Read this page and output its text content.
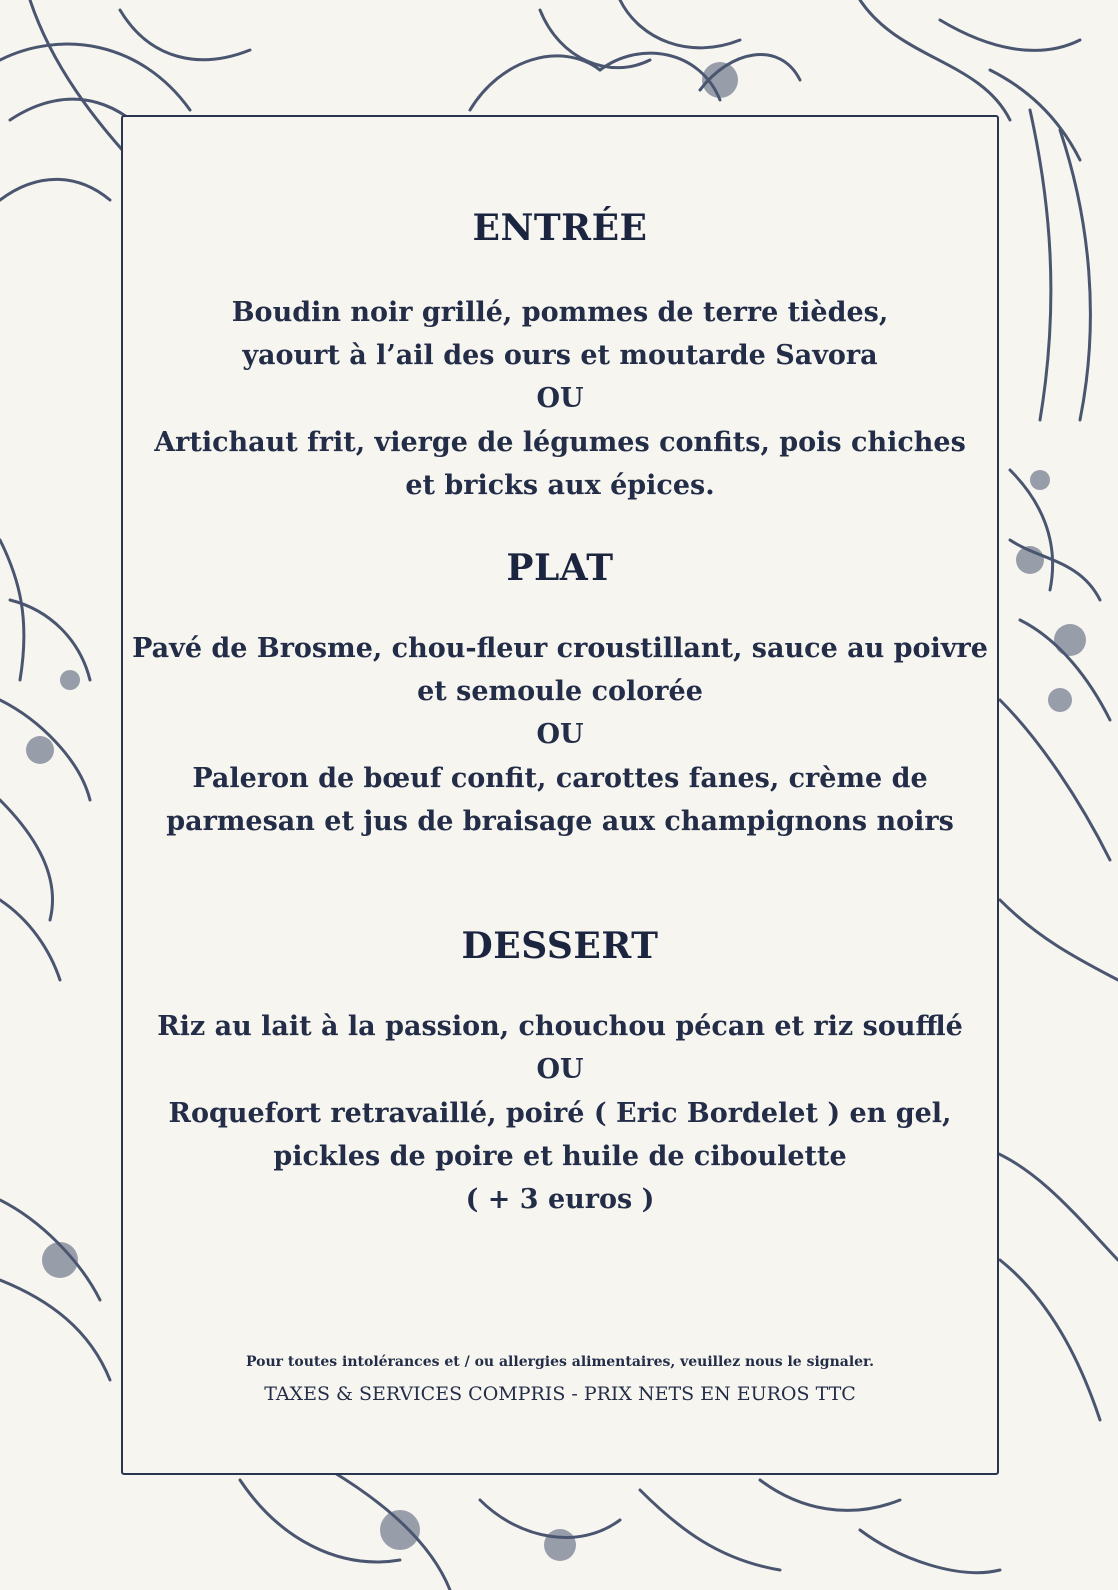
ENTRÉE
Boudin noir grillé, pommes de terre tièdes,
yaourt à l’ail des ours et moutarde Savora
OU
Artichaut frit, vierge de légumes confits, pois chiches
et bricks aux épices.
PLAT
Pavé de Brosme, chou-fleur croustillant, sauce au poivre
et semoule colorée
OU
Paleron de bœuf confit, carottes fanes, crème de
parmesan et jus de braisage aux champignons noirs
DESSERT
Riz au lait à la passion, chouchou pécan et riz soufflé
OU
Roquefort retravaillé, poiré ( Eric Bordelet ) en gel,
pickles de poire et huile de ciboulette
( + 3 euros )
Pour toutes intolérances et / ou allergies alimentaires, veuillez nous le signaler.
TAXES & SERVICES COMPRIS - PRIX NETS EN EUROS TTC
